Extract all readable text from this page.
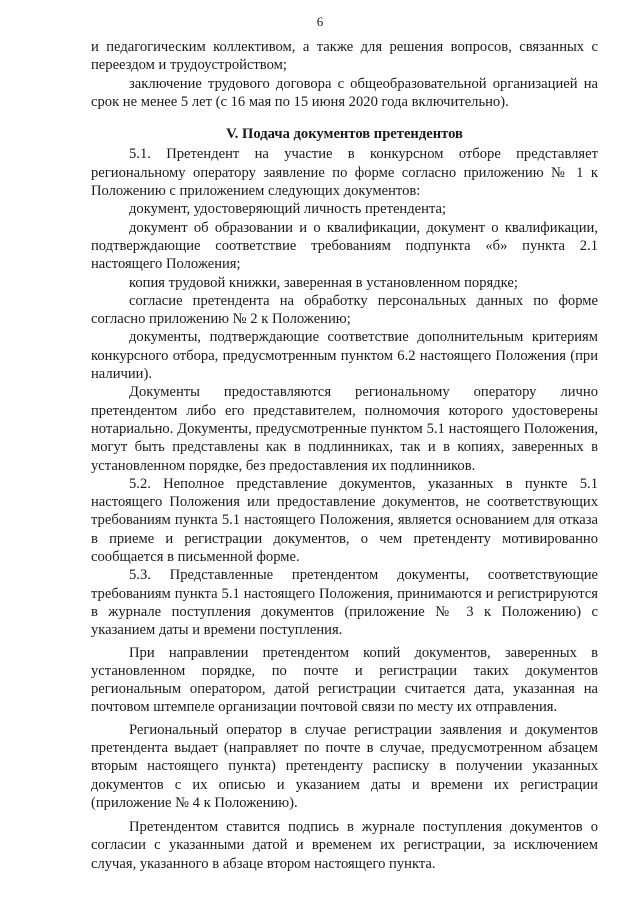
6

и педагогическим коллективом, а также для решения вопросов, связанных с переездом и трудоустройством;

заключение трудового договора с общеобразовательной организацией на срок не менее 5 лет (с 16 мая по 15 июня 2020 года включительно).

V. Подача документов претендентов

5.1. Претендент на участие в конкурсном отборе представляет региональному оператору заявление по форме согласно приложению № 1 к Положению с приложением следующих документов:

документ, удостоверяющий личность претендента;

документ об образовании и о квалификации, документ о квалификации, подтверждающие соответствие требованиям подпункта «б» пункта 2.1 настоящего Положения;

копия трудовой книжки, заверенная в установленном порядке;

согласие претендента на обработку персональных данных по форме согласно приложению № 2 к Положению;

документы, подтверждающие соответствие дополнительным критериям конкурсного отбора, предусмотренным пунктом 6.2 настоящего Положения (при наличии).

Документы предоставляются региональному оператору лично претендентом либо его представителем, полномочия которого удостоверены нотариально. Документы, предусмотренные пунктом 5.1 настоящего Положения, могут быть представлены как в подлинниках, так и в копиях, заверенных в установленном порядке, без предоставления их подлинников.

5.2. Неполное представление документов, указанных в пункте 5.1 настоящего Положения или предоставление документов, не соответствующих требованиям пункта 5.1 настоящего Положения, является основанием для отказа в приеме и регистрации документов, о чем претенденту мотивированно сообщается в письменной форме.

5.3. Представленные претендентом документы, соответствующие требованиям пункта 5.1 настоящего Положения, принимаются и регистрируются в журнале поступления документов (приложение № 3 к Положению) с указанием даты и времени поступления.

При направлении претендентом копий документов, заверенных в установленном порядке, по почте и регистрации таких документов региональным оператором, датой регистрации считается дата, указанная на почтовом штемпеле организации почтовой связи по месту их отправления.

Региональный оператор в случае регистрации заявления и документов претендента выдает (направляет по почте в случае, предусмотренном абзацем вторым настоящего пункта) претенденту расписку в получении указанных документов с их описью и указанием даты и времени их регистрации (приложение № 4 к Положению).

Претендентом ставится подпись в журнале поступления документов о согласии с указанными датой и временем их регистрации, за исключением случая, указанного в абзаце втором настоящего пункта.
